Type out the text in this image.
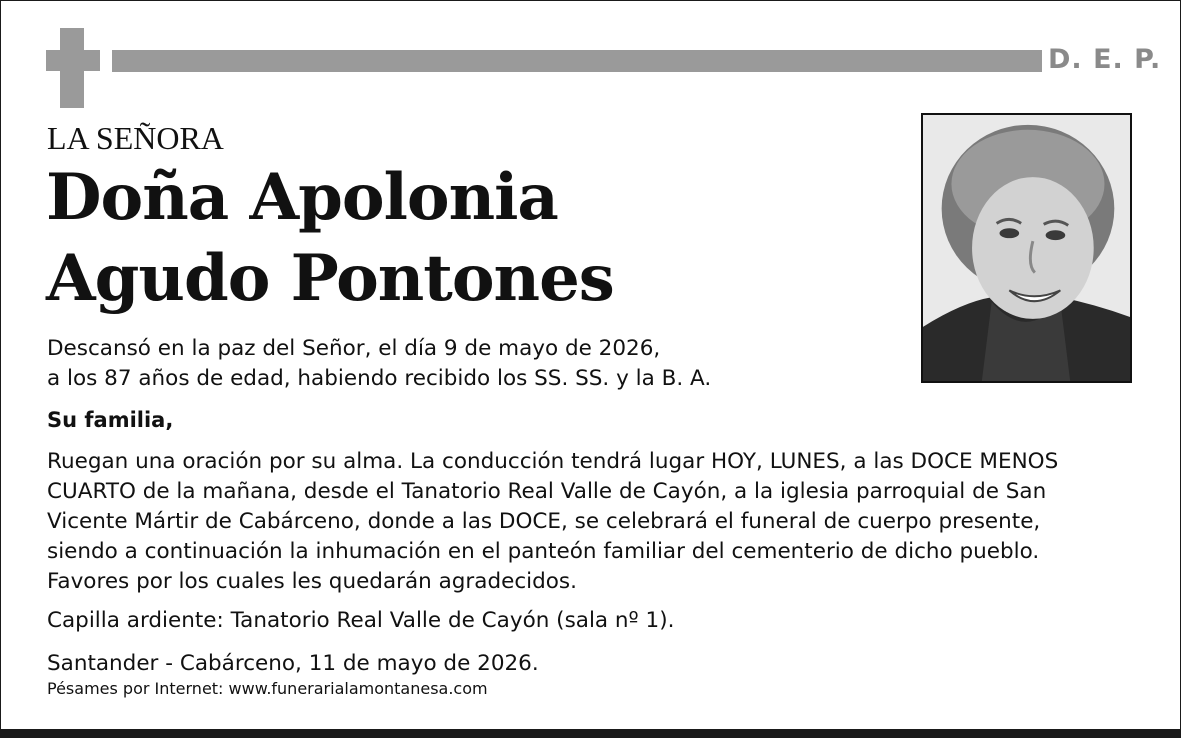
D. E. P.
LA SEÑORA
Doña Apolonia
Agudo Pontones
Descansó en la paz del Señor, el día 9 de mayo de 2026,
a los 87 años de edad, habiendo recibido los SS. SS. y la B. A.
Su familia,
Ruegan una oración por su alma. La conducción tendrá lugar HOY, LUNES, a las DOCE MENOS
CUARTO de la mañana, desde el Tanatorio Real Valle de Cayón, a la iglesia parroquial de San
Vicente Mártir de Cabárceno, donde a las DOCE, se celebrará el funeral de cuerpo presente,
siendo a continuación la inhumación en el panteón familiar del cementerio de dicho pueblo.
Favores por los cuales les quedarán agradecidos.
Capilla ardiente: Tanatorio Real Valle de Cayón (sala nº 1).
Santander - Cabárceno, 11 de mayo de 2026.
Pésames por Internet: www.funerarialamontanesa.com
